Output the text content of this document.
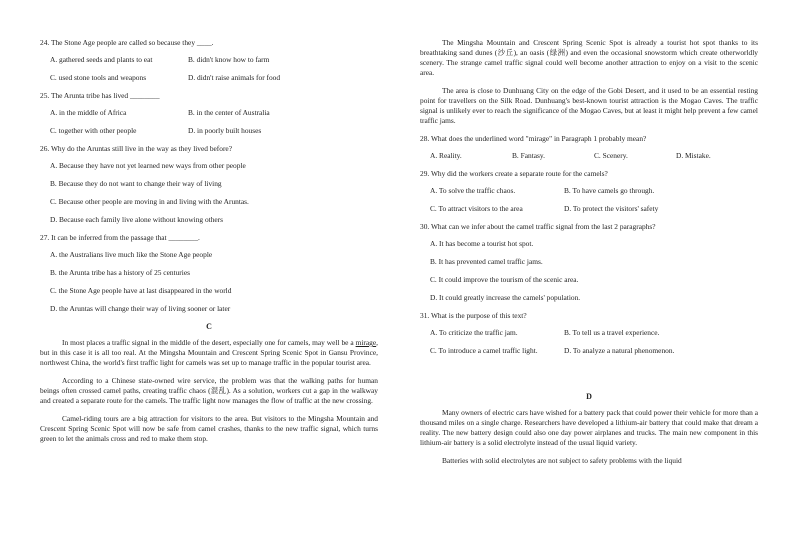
24. The Stone Age people are called so because they ____.
A. gathered seeds and plants to eat	B. didn't know how to farm
C. used stone tools and weapons	D. didn't raise animals for food
25. The Arunta tribe has lived ________
A. in the middle of Africa	B. in the center of Australia
C. together with other people	D. in poorly built houses
26. Why do the Aruntas still live in the way as they lived before?
A. Because they have not yet learned new ways from other people
B. Because they do not want to change their way of living
C. Because other people are moving in and living with the Aruntas.
D. Because each family live alone without knowing others
27. It can be inferred from the passage that ________.
A. the Australians live much like the Stone Age people
B. the Arunta tribe has a history of 25 centuries
C. the Stone Age people have at last disappeared in the world
D. the Aruntas will change their way of living sooner or later
C

In most places a traffic signal in the middle of the desert, especially one for camels, may well be a mirage, but in this case it is all too real. At the Mingsha Mountain and Crescent Spring Scenic Spot in Gansu Province, northwest China, the world's first traffic light for camels was set up to manage traffic in the popular tourist area.

According to a Chinese state-owned wire service, the problem was that the walking paths for human beings often crossed camel paths, creating traffic chaos (混乱). As a solution, workers cut a gap in the walkway and created a separate route for the camels. The traffic light now manages the flow of traffic at the new crossing.

Camel-riding tours are a big attraction for visitors to the area. But visitors to the Mingsha Mountain and Crescent Spring Scenic Spot will now be safe from camel crashes, thanks to the new traffic signal, which turns green to let the animals cross and red to make them stop.

The Mingsha Mountain and Crescent Spring Scenic Spot is already a tourist hot spot thanks to its breathtaking sand dunes (沙丘), an oasis (绿洲) and even the occasional snowstorm which create otherworldly scenery. The strange camel traffic signal could well become another attraction to enjoy on a visit to the scenic area.

The area is close to Dunhuang City on the edge of the Gobi Desert, and it used to be an essential resting point for travellers on the Silk Road. Dunhuang's best-known tourist attraction is the Mogao Caves. The traffic signal is unlikely ever to reach the significance of the Mogao Caves, but at least it might help prevent a few camel traffic jams.

28. What does the underlined word "mirage" in Paragraph 1 probably mean?
A. Reality.	B. Fantasy.	C. Scenery.	D. Mistake.
29. Why did the workers create a separate route for the camels?
A. To solve the traffic chaos.	B. To have camels go through.
C. To attract visitors to the area	D. To protect the visitors' safety
30. What can we infer about the camel traffic signal from the last 2 paragraphs?
A. It has become a tourist hot spot.
B. It has prevented camel traffic jams.
C. It could improve the tourism of the scenic area.
D. It could greatly increase the camels' population.
31. What is the purpose of this text?
A. To criticize the traffic jam.	B. To tell us a travel experience.
C. To introduce a camel traffic light.	D. To analyze a natural phenomenon.
D

Many owners of electric cars have wished for a battery pack that could power their vehicle for more than a thousand miles on a single charge. Researchers have developed a lithium-air battery that could make that dream a reality. The new battery design could also one day power airplanes and trucks. The main new component in this lithium-air battery is a solid electrolyte instead of the usual liquid variety.

Batteries with solid electrolytes are not subject to safety problems with the liquid
